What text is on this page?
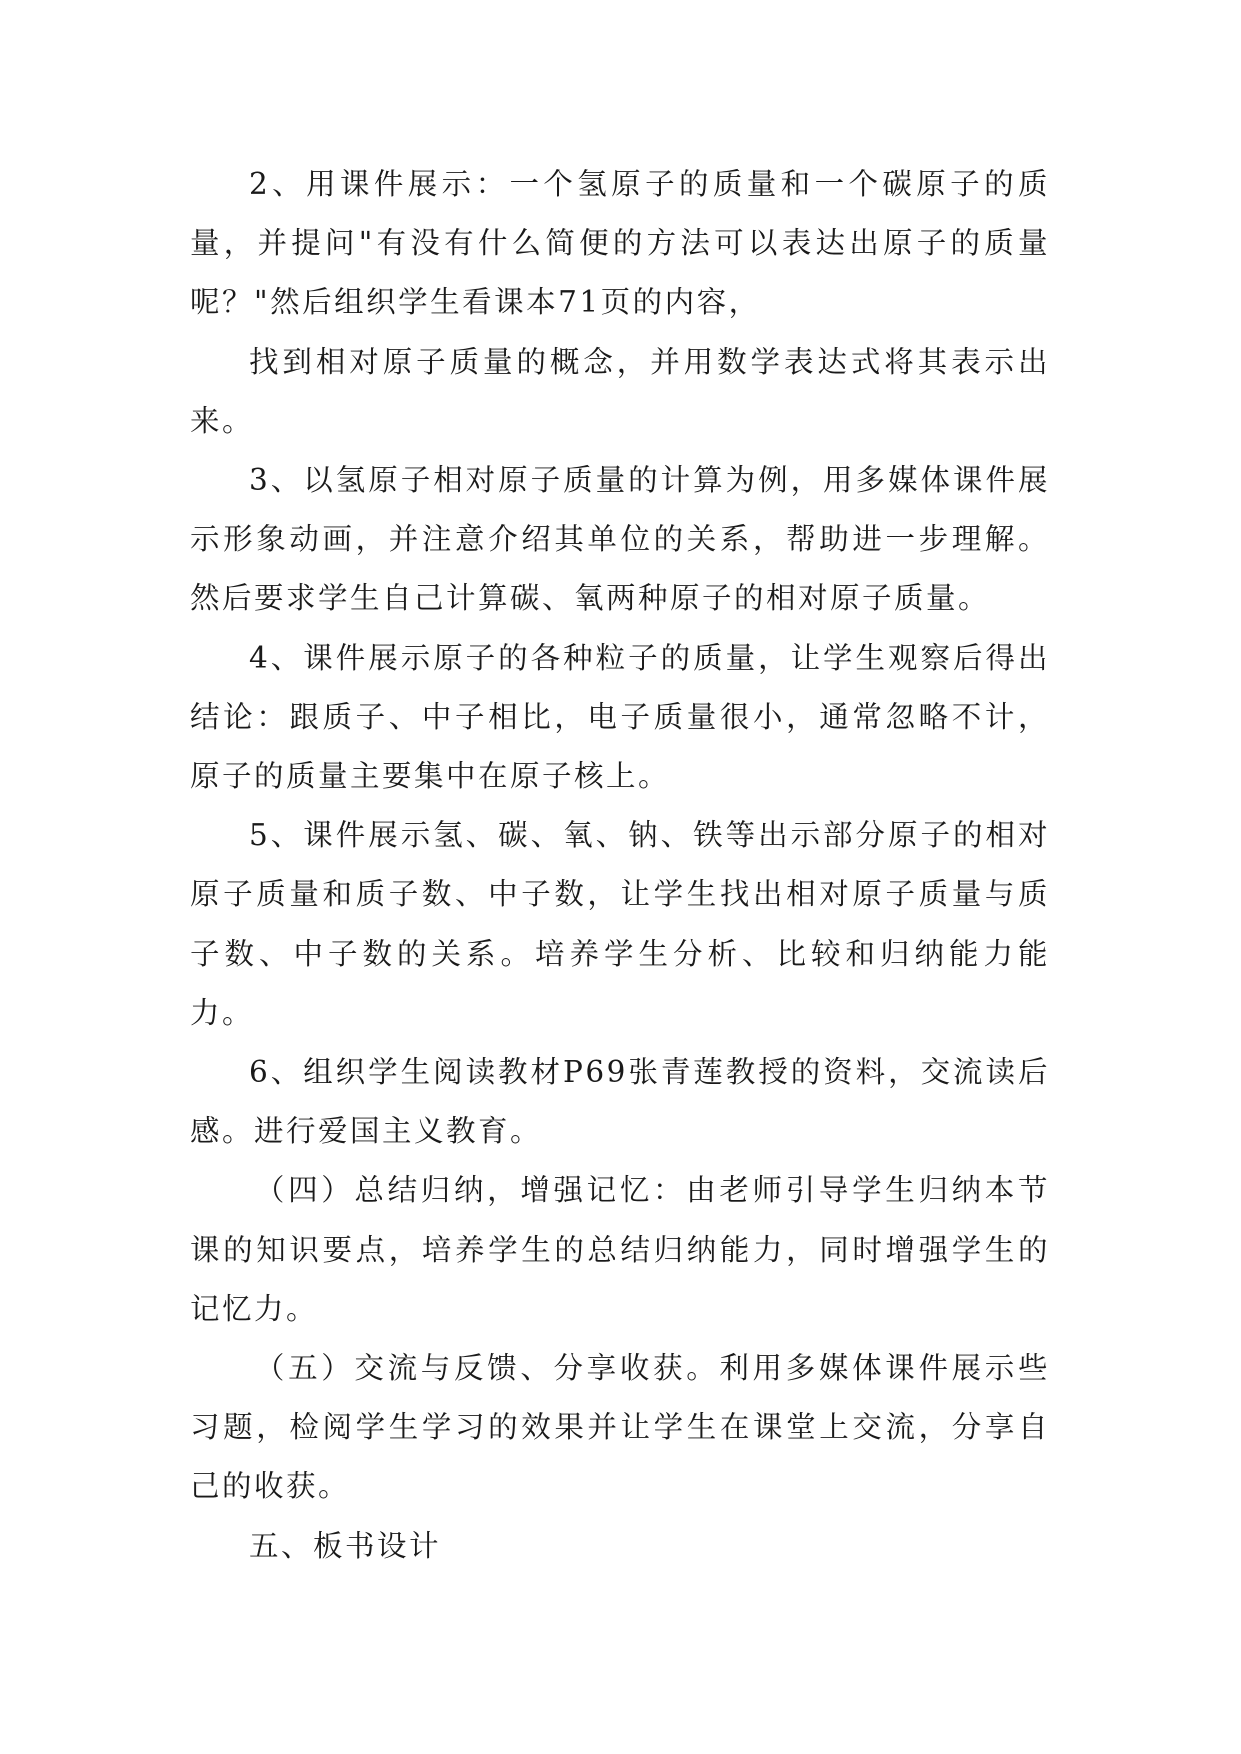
2、用课件展示：一个氢原子的质量和一个碳原子的质量，并提问"有没有什么简便的方法可以表达出原子的质量呢？"然后组织学生看课本71页的内容，

找到相对原子质量的概念，并用数学表达式将其表示出来。

3、以氢原子相对原子质量的计算为例，用多媒体课件展示形象动画，并注意介绍其单位的关系，帮助进一步理解。然后要求学生自己计算碳、氧两种原子的相对原子质量。

4、课件展示原子的各种粒子的质量，让学生观察后得出结论：跟质子、中子相比，电子质量很小，通常忽略不计，原子的质量主要集中在原子核上。

5、课件展示氢、碳、氧、钠、铁等出示部分原子的相对原子质量和质子数、中子数，让学生找出相对原子质量与质子数、中子数的关系。培养学生分析、比较和归纳能力能力。

6、组织学生阅读教材P69张青莲教授的资料，交流读后感。进行爱国主义教育。

（四）总结归纳，增强记忆：由老师引导学生归纳本节课的知识要点，培养学生的总结归纳能力，同时增强学生的记忆力。

（五）交流与反馈、分享收获。利用多媒体课件展示些习题，检阅学生学习的效果并让学生在课堂上交流，分享自己的收获。

五、板书设计
